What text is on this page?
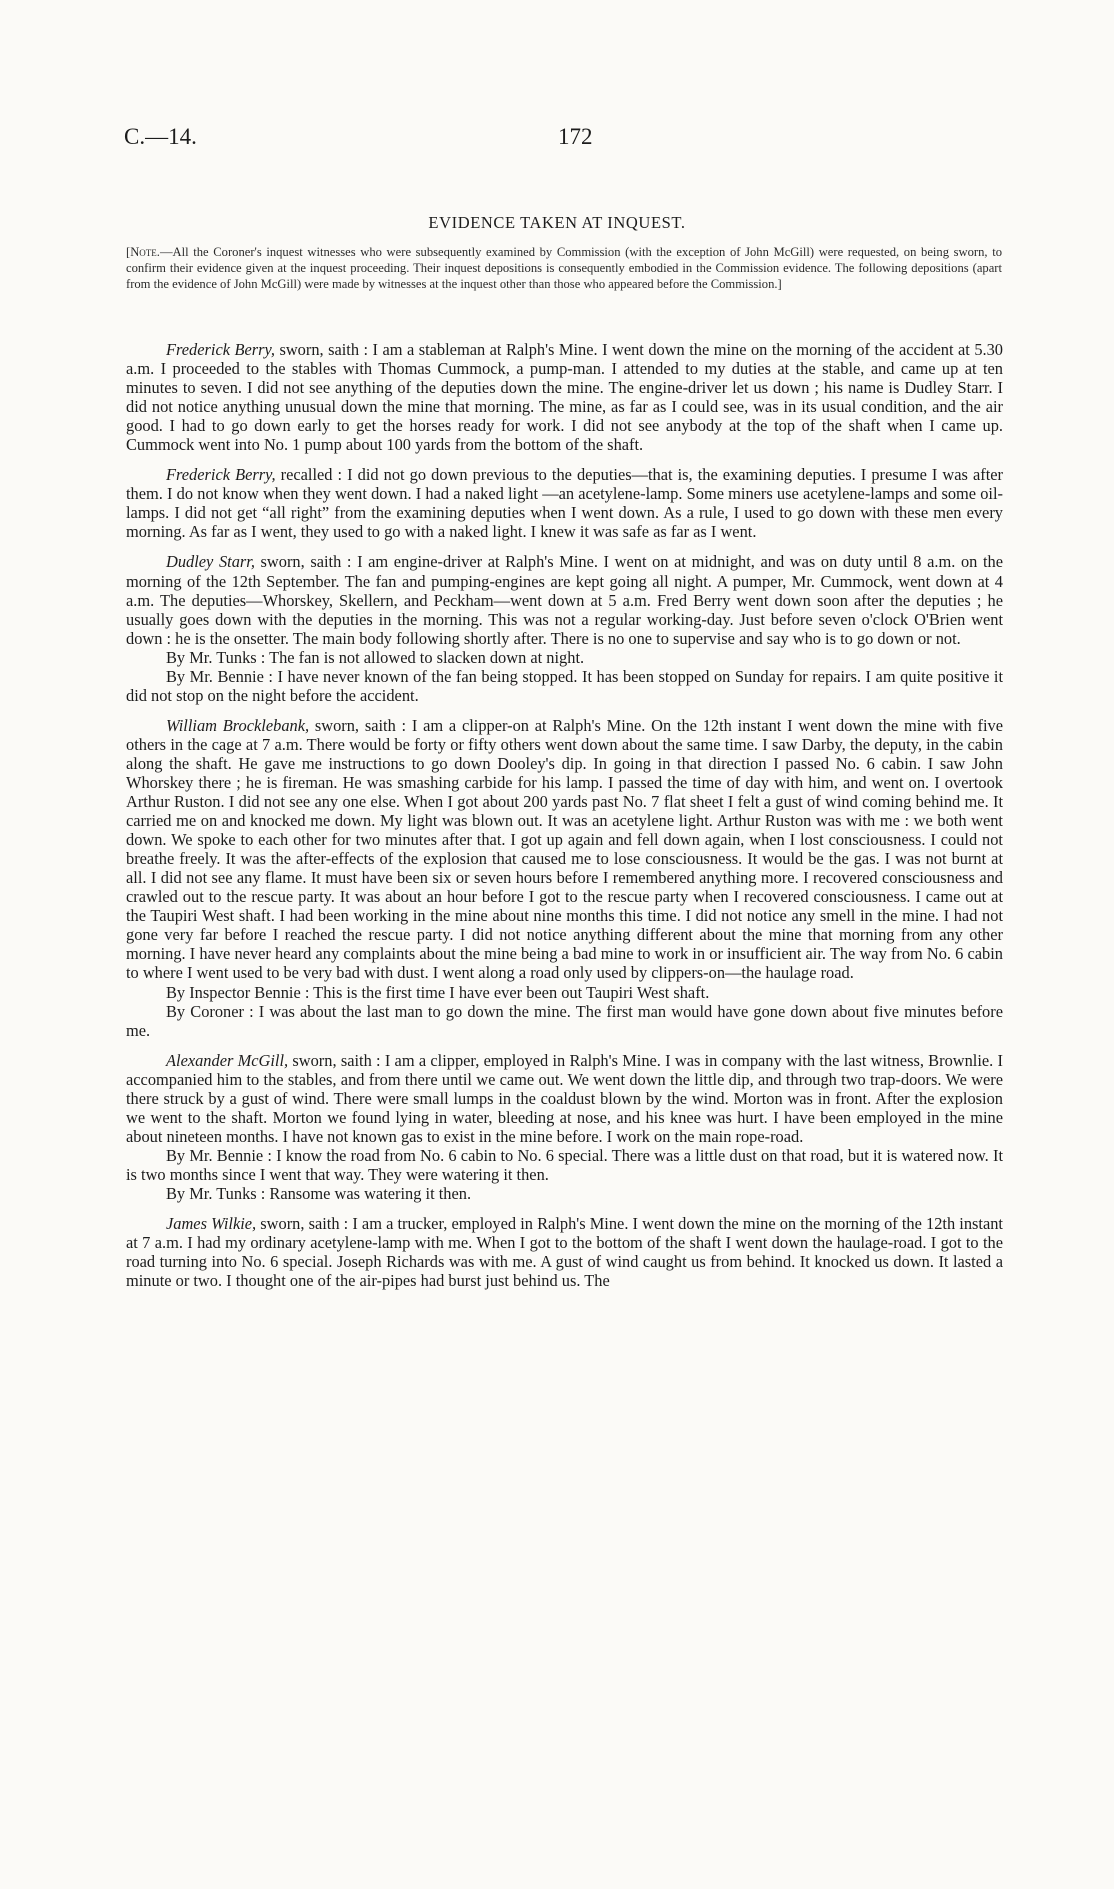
C.—14.	172
EVIDENCE TAKEN AT INQUEST.
[Note.—All the Coroner's inquest witnesses who were subsequently examined by Commission (with the exception of John McGill) were requested, on being sworn, to confirm their evidence given at the inquest proceeding. Their inquest depositions is consequently embodied in the Commission evidence. The following depositions (apart from the evidence of John McGill) were made by witnesses at the inquest other than those who appeared before the Commission.]

Frederick Berry, sworn, saith : I am a stableman at Ralph's Mine. I went down the mine on the morning of the accident at 5.30 a.m. I proceeded to the stables with Thomas Cummock, a pump-man. I attended to my duties at the stable, and came up at ten minutes to seven. I did not see anything of the deputies down the mine. The engine-driver let us down ; his name is Dudley Starr. I did not notice anything unusual down the mine that morning. The mine, as far as I could see, was in its usual condition, and the air good. I had to go down early to get the horses ready for work. I did not see anybody at the top of the shaft when I came up. Cummock went into No. 1 pump about 100 yards from the bottom of the shaft.

Frederick Berry, recalled : I did not go down previous to the deputies—that is, the examining deputies. I presume I was after them. I do not know when they went down. I had a naked light —an acetylene-lamp. Some miners use acetylene-lamps and some oil-lamps. I did not get “all right” from the examining deputies when I went down. As a rule, I used to go down with these men every morning. As far as I went, they used to go with a naked light. I knew it was safe as far as I went.

Dudley Starr, sworn, saith : I am engine-driver at Ralph's Mine. I went on at midnight, and was on duty until 8 a.m. on the morning of the 12th September. The fan and pumping-engines are kept going all night. A pumper, Mr. Cummock, went down at 4 a.m. The deputies—Whorskey, Skellern, and Peckham—went down at 5 a.m. Fred Berry went down soon after the deputies ; he usually goes down with the deputies in the morning. This was not a regular working-day. Just before seven o'clock O'Brien went down : he is the onsetter. The main body following shortly after. There is no one to supervise and say who is to go down or not.

By Mr. Tunks : The fan is not allowed to slacken down at night.

By Mr. Bennie : I have never known of the fan being stopped. It has been stopped on Sunday for repairs. I am quite positive it did not stop on the night before the accident.

William Brocklebank, sworn, saith : I am a clipper-on at Ralph's Mine. On the 12th instant I went down the mine with five others in the cage at 7 a.m. There would be forty or fifty others went down about the same time. I saw Darby, the deputy, in the cabin along the shaft. He gave me instructions to go down Dooley's dip. In going in that direction I passed No. 6 cabin. I saw John Whorskey there ; he is fireman. He was smashing carbide for his lamp. I passed the time of day with him, and went on. I overtook Arthur Ruston. I did not see any one else. When I got about 200 yards past No. 7 flat sheet I felt a gust of wind coming behind me. It carried me on and knocked me down. My light was blown out. It was an acetylene light. Arthur Ruston was with me : we both went down. We spoke to each other for two minutes after that. I got up again and fell down again, when I lost consciousness. I could not breathe freely. It was the after-effects of the explosion that caused me to lose consciousness. It would be the gas. I was not burnt at all. I did not see any flame. It must have been six or seven hours before I remembered anything more. I recovered consciousness and crawled out to the rescue party. It was about an hour before I got to the rescue party when I recovered consciousness. I came out at the Taupiri West shaft. I had been working in the mine about nine months this time. I did not notice any smell in the mine. I had not gone very far before I reached the rescue party. I did not notice anything different about the mine that morning from any other morning. I have never heard any complaints about the mine being a bad mine to work in or insufficient air. The way from No. 6 cabin to where I went used to be very bad with dust. I went along a road only used by clippers-on—the haulage road.

By Inspector Bennie : This is the first time I have ever been out Taupiri West shaft.

By Coroner : I was about the last man to go down the mine. The first man would have gone down about five minutes before me.

Alexander McGill, sworn, saith : I am a clipper, employed in Ralph's Mine. I was in company with the last witness, Brownlie. I accompanied him to the stables, and from there until we came out. We went down the little dip, and through two trap-doors. We were there struck by a gust of wind. There were small lumps in the coaldust blown by the wind. Morton was in front. After the explosion we went to the shaft. Morton we found lying in water, bleeding at nose, and his knee was hurt. I have been employed in the mine about nineteen months. I have not known gas to exist in the mine before. I work on the main rope-road.

By Mr. Bennie : I know the road from No. 6 cabin to No. 6 special. There was a little dust on that road, but it is watered now. It is two months since I went that way. They were watering it then.

By Mr. Tunks : Ransome was watering it then.

James Wilkie, sworn, saith : I am a trucker, employed in Ralph's Mine. I went down the mine on the morning of the 12th instant at 7 a.m. I had my ordinary acetylene-lamp with me. When I got to the bottom of the shaft I went down the haulage-road. I got to the road turning into No. 6 special. Joseph Richards was with me. A gust of wind caught us from behind. It knocked us down. It lasted a minute or two. I thought one of the air-pipes had burst just behind us. The
